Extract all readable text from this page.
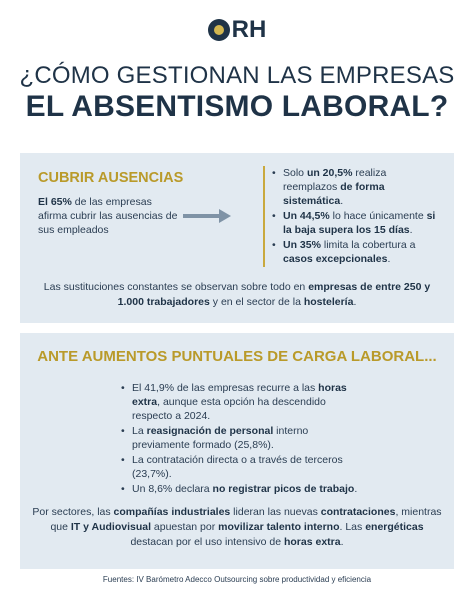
RH
¿CÓMO GESTIONAN LAS EMPRESAS
EL ABSENTISMO LABORAL?
CUBRIR AUSENCIAS
El 65% de las empresas afirma cubrir las ausencias de sus empleados
• Solo un 20,5% realiza reemplazos de forma sistemática.
• Un 44,5% lo hace únicamente si la baja supera los 15 días.
• Un 35% limita la cobertura a casos excepcionales.
Las sustituciones constantes se observan sobre todo en empresas de entre 250 y 1.000 trabajadores y en el sector de la hostelería.
ANTE AUMENTOS PUNTUALES DE CARGA LABORAL...
• El 41,9% de las empresas recurre a las horas extra, aunque esta opción ha descendido respecto a 2024.
• La reasignación de personal interno previamente formado (25,8%).
• La contratación directa o a través de terceros (23,7%).
• Un 8,6% declara no registrar picos de trabajo.
Por sectores, las compañías industriales lideran las nuevas contrataciones, mientras que IT y Audiovisual apuestan por movilizar talento interno. Las energéticas destacan por el uso intensivo de horas extra.
Fuentes: IV Barómetro Adecco Outsourcing sobre productividad y eficiencia
